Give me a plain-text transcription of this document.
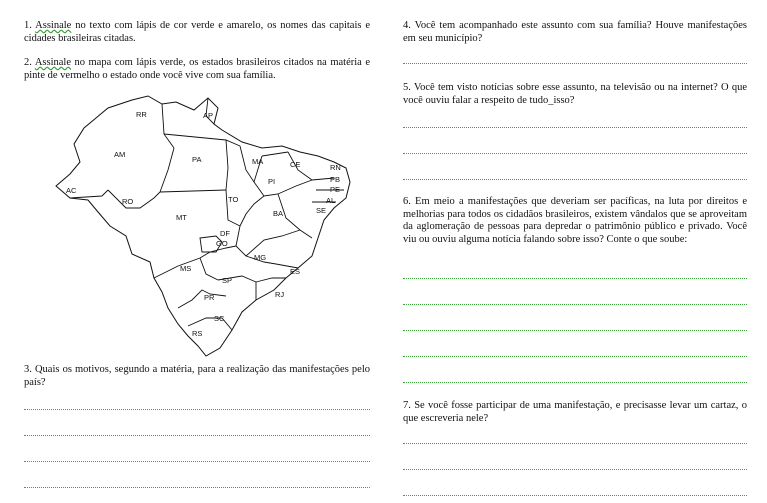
1. Assinale no texto com lápis de cor verde e amarelo, os nomes das capitais e cidades brasileiras citadas.
2. Assinale no mapa com lápis verde, os estados brasileiros citados na matéria e pinte de vermelho o estado onde você vive com sua família.
RR	AP
AM
PA	MA	CE	RN
PB
PE
AL
SE
PI
AC
RO	TO
BA
MT
DF
GO
MG
ES
MS
SP
RJ
PR
SC
RS
3. Quais os motivos, segundo a matéria, para a realização das manifestações pelo país?
4. Você tem acompanhado este assunto com sua família? Houve manifestações em seu município?
5. Você tem visto notícias sobre esse assunto, na televisão ou na internet? O que você ouviu falar a respeito de tudo_isso?
6. Em meio a manifestações que deveriam ser pacíficas, na luta por direitos e melhorias para todos os cidadãos brasileiros, existem vândalos que se aproveitam da aglomeração de pessoas para depredar o patrimônio público e privado. Você viu ou ouviu alguma notícia falando sobre isso? Conte o que soube:
7. Se você fosse participar de uma manifestação, e precisasse levar um cartaz, o que escreveria nele?
